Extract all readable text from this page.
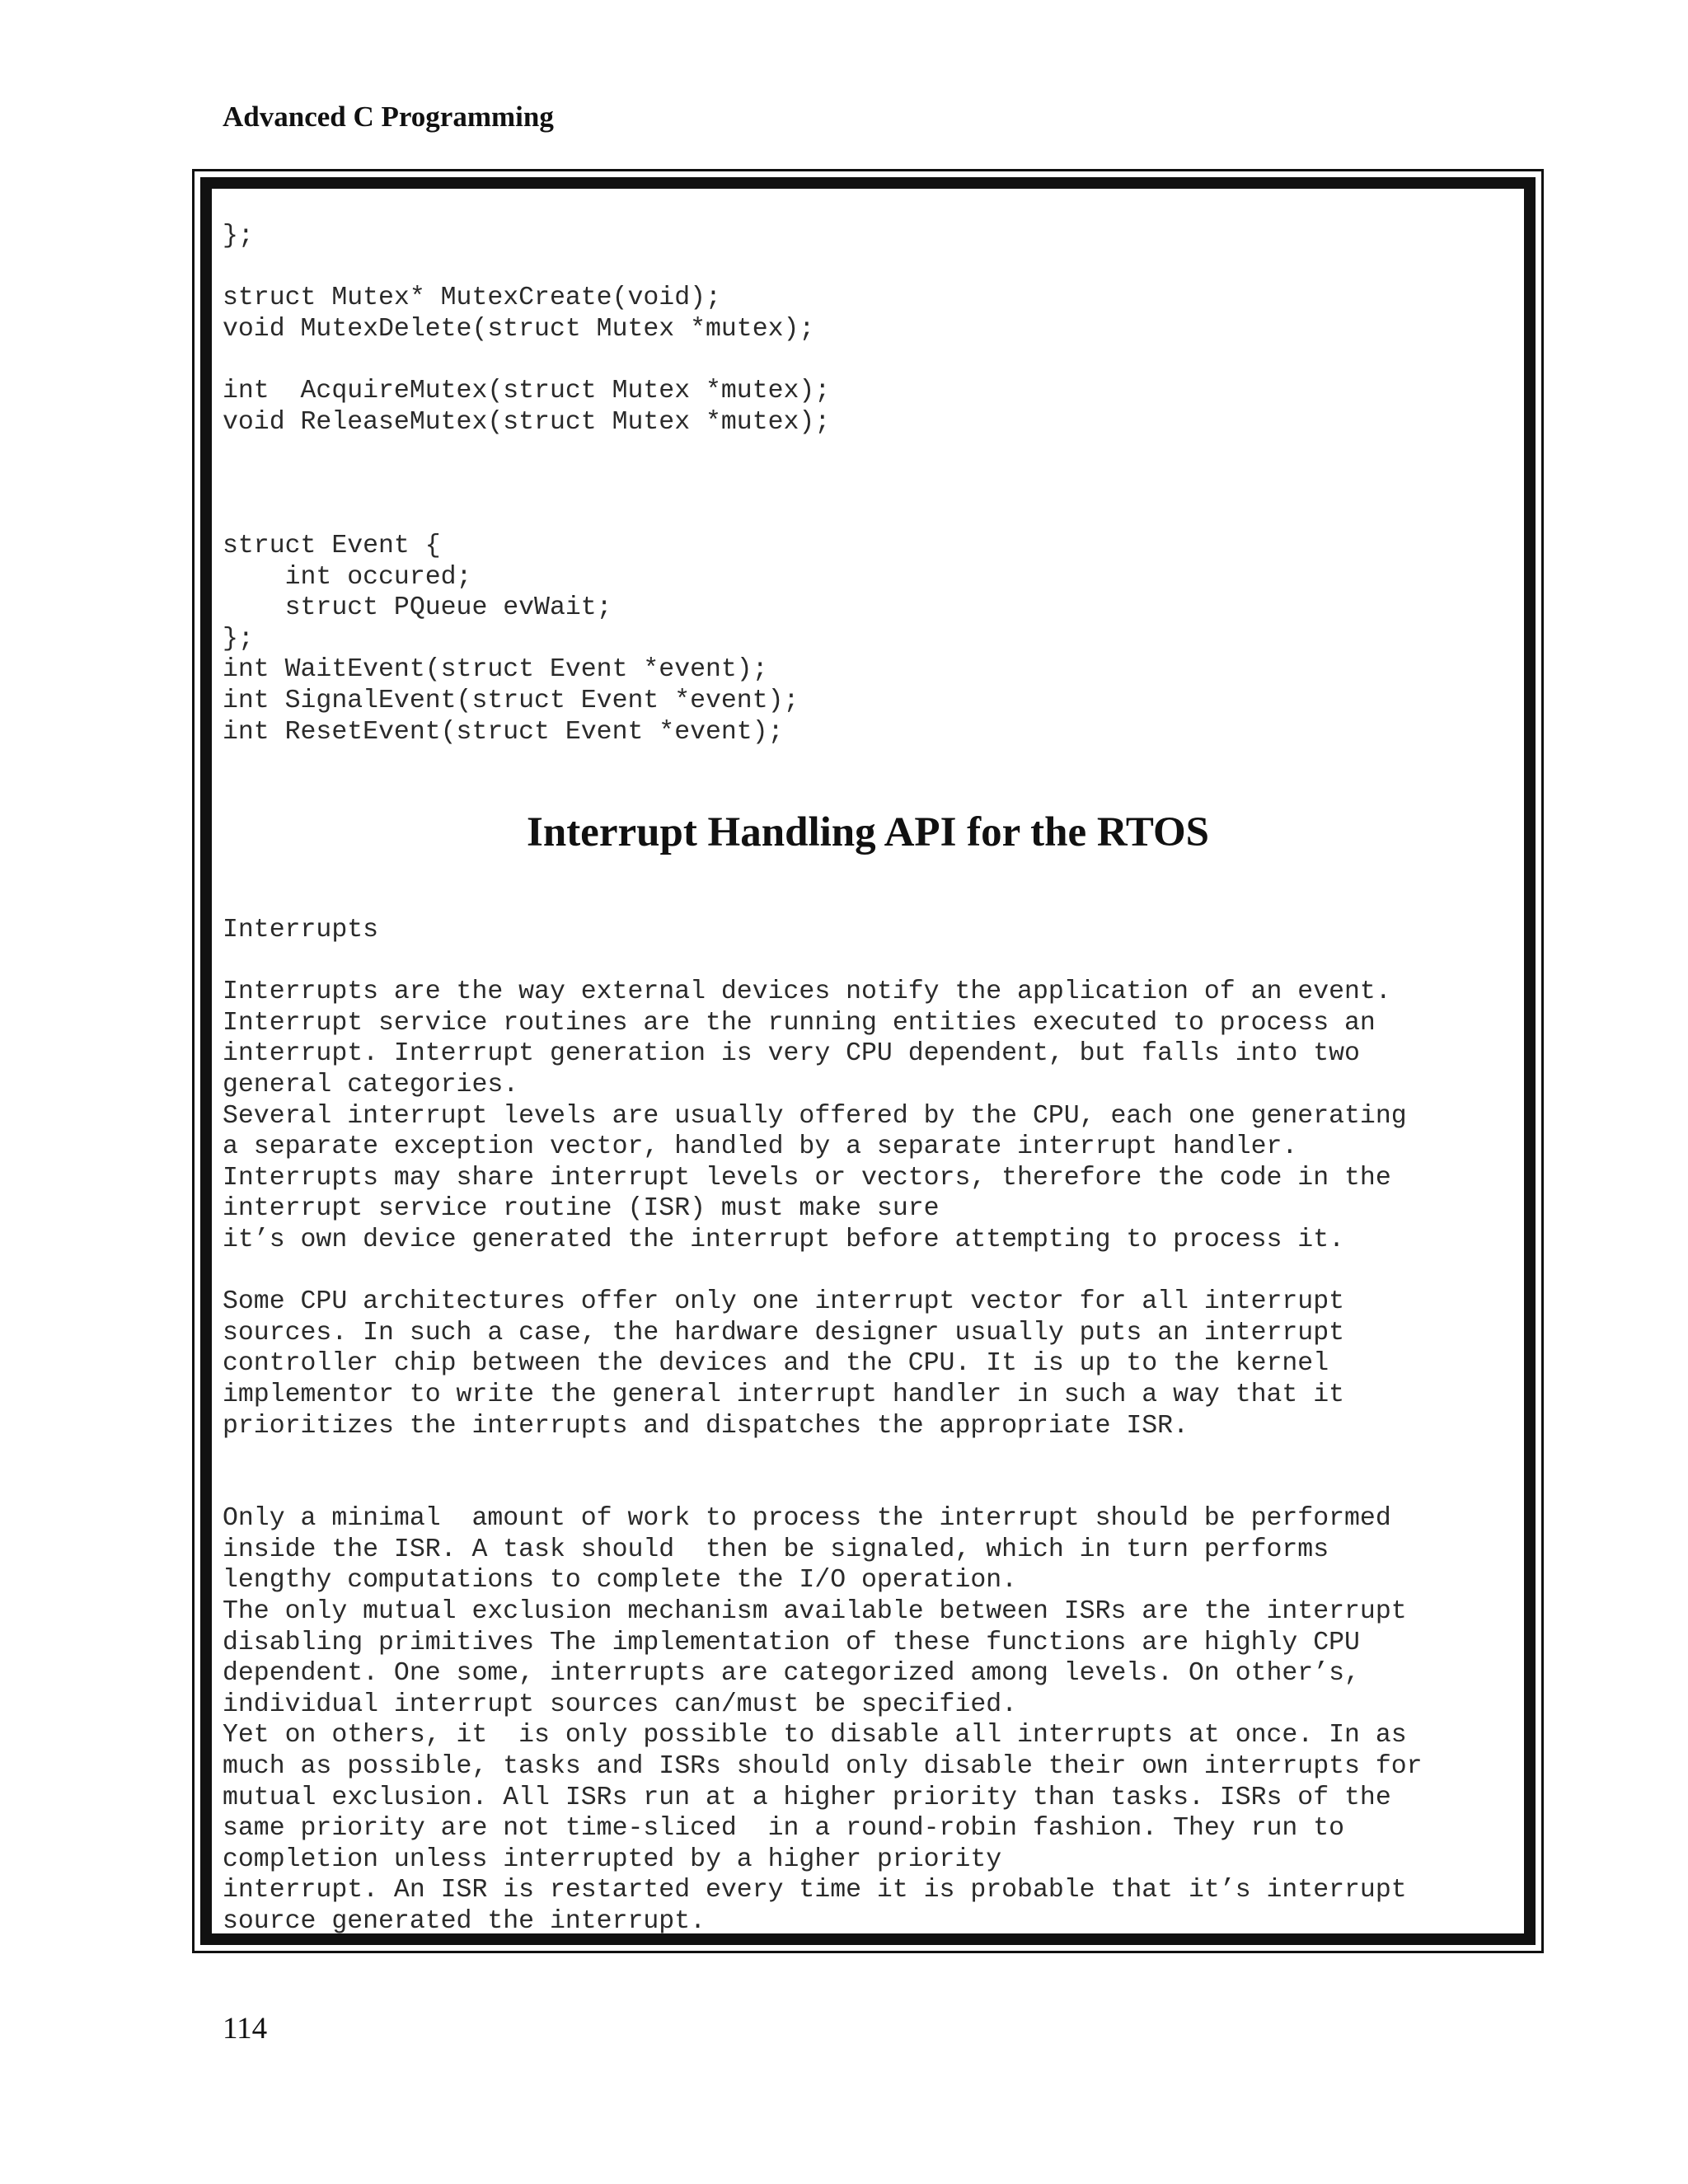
Advanced C Programming
};

struct Mutex* MutexCreate(void);
void MutexDelete(struct Mutex *mutex);

int  AcquireMutex(struct Mutex *mutex);
void ReleaseMutex(struct Mutex *mutex);

struct Event {
int occured;
struct PQueue evWait;
};
int WaitEvent(struct Event *event);
int SignalEvent(struct Event *event);
int ResetEvent(struct Event *event);
Interrupt Handling API for the RTOS
Interrupts

Interrupts are the way external devices notify the application of an event.
Interrupt service routines are the running entities executed to process an
interrupt. Interrupt generation is very CPU dependent, but falls into two
general categories.
Several interrupt levels are usually offered by the CPU, each one generating
a separate exception vector, handled by a separate interrupt handler.
Interrupts may share interrupt levels or vectors, therefore the code in the
interrupt service routine (ISR) must make sure
it’s own device generated the interrupt before attempting to process it.

Some CPU architectures offer only one interrupt vector for all interrupt
sources. In such a case, the hardware designer usually puts an interrupt
controller chip between the devices and the CPU. It is up to the kernel
implementor to write the general interrupt handler in such a way that it
prioritizes the interrupts and dispatches the appropriate ISR.

Only a minimal  amount of work to process the interrupt should be performed
inside the ISR. A task should  then be signaled, which in turn performs
lengthy computations to complete the I/O operation.
The only mutual exclusion mechanism available between ISRs are the interrupt
disabling primitives The implementation of these functions are highly CPU
dependent. One some, interrupts are categorized among levels. On other’s,
individual interrupt sources can/must be specified.
Yet on others, it  is only possible to disable all interrupts at once. In as
much as possible, tasks and ISRs should only disable their own interrupts for
mutual exclusion. All ISRs run at a higher priority than tasks. ISRs of the
same priority are not time-sliced  in a round-robin fashion. They run to
completion unless interrupted by a higher priority
interrupt. An ISR is restarted every time it is probable that it’s interrupt
source generated the interrupt.
114
